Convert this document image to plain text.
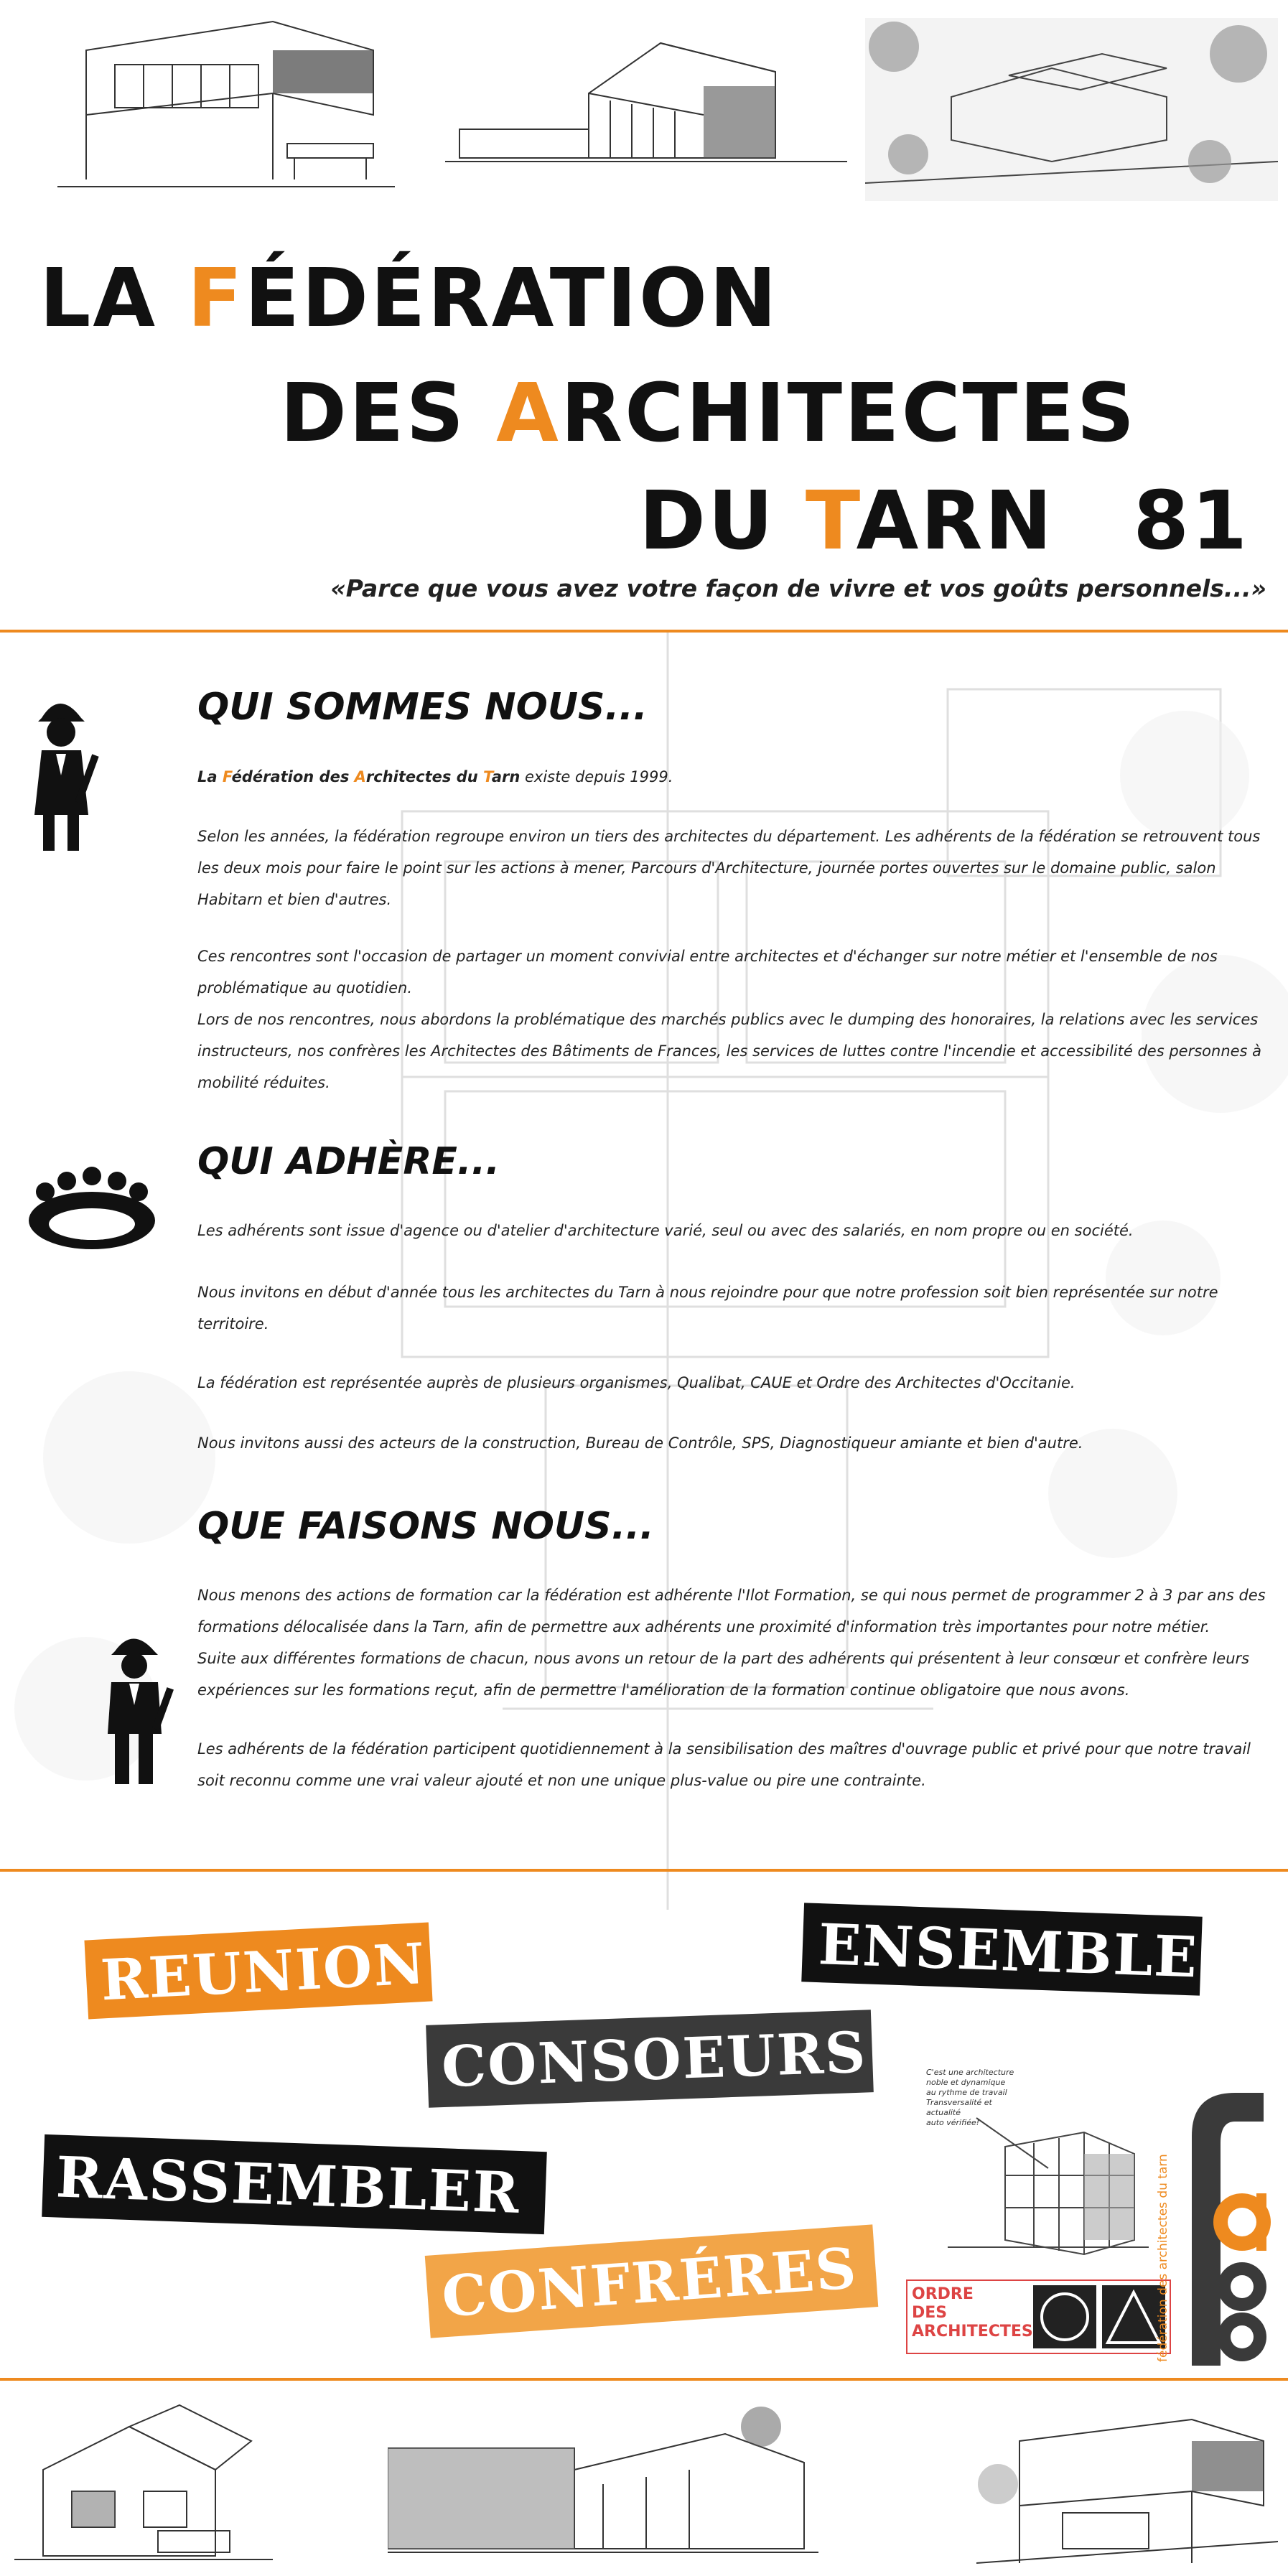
LA FÉDÉRATION
DES ARCHITECTES
DU TARN 81
«Parce que vous avez votre façon de vivre et vos goûts personnels...»
QUI SOMMES NOUS...
La Fédération des Architectes du Tarn existe depuis 1999.
Selon les années, la fédération regroupe environ un tiers des architectes du département. Les adhérents de la fédération se retrouvent tous les deux mois pour faire le point sur les actions à mener, Parcours d'Architecture, journée portes ouvertes sur le domaine public, salon Habitarn et bien d'autres.
Ces rencontres sont l'occasion de partager un moment convivial entre architectes et d'échanger sur notre métier et l'ensemble de nos problématique au quotidien.
Lors de nos rencontres, nous abordons la problématique des marchés publics avec le dumping des honoraires, la relations avec les services instructeurs, nos confrères les Architectes des Bâtiments de Frances, les services de luttes contre l'incendie et accessibilité des personnes à mobilité réduites.
QUI ADHÈRE...
Les adhérents sont issue d'agence ou d'atelier d'architecture varié, seul ou avec des salariés, en nom propre ou en société.
Nous invitons en début d'année tous les architectes du Tarn à nous rejoindre pour que notre profession soit bien représentée sur notre territoire.
La fédération est représentée auprès de plusieurs organismes, Qualibat, CAUE et Ordre des Architectes d'Occitanie.
Nous invitons aussi des acteurs de la construction, Bureau de Contrôle, SPS, Diagnostiqueur amiante et bien d'autre.
QUE FAISONS NOUS...
Nous menons des actions de formation car la fédération est adhérente l'Ilot Formation, se qui nous permet de programmer 2 à 3 par ans des formations délocalisée dans la Tarn, afin de permettre aux adhérents une proximité d'information très importantes pour notre métier.
Suite aux différentes formations de chacun, nous avons un retour de la part des adhérents qui présentent à leur consœur et confrère leurs expériences sur les formations reçut, afin de permettre l'amélioration de la formation continue obligatoire que nous avons.
Les adhérents de la fédération participent quotidiennement à la sensibilisation des maîtres d'ouvrage public et privé pour que notre travail soit reconnu comme une vrai valeur ajouté et non une unique plus-value ou pire une contrainte.
REUNION	ENSEMBLE
CONSOEURS
RASSEMBLER
CONFRÉRES
C'est une architecture
noble et dynamique
au rythme de travail
Transversalité et
actualité
auto vérifiée!
ORDRE
DES
ARCHITECTES	fédération des architectes du tarn
